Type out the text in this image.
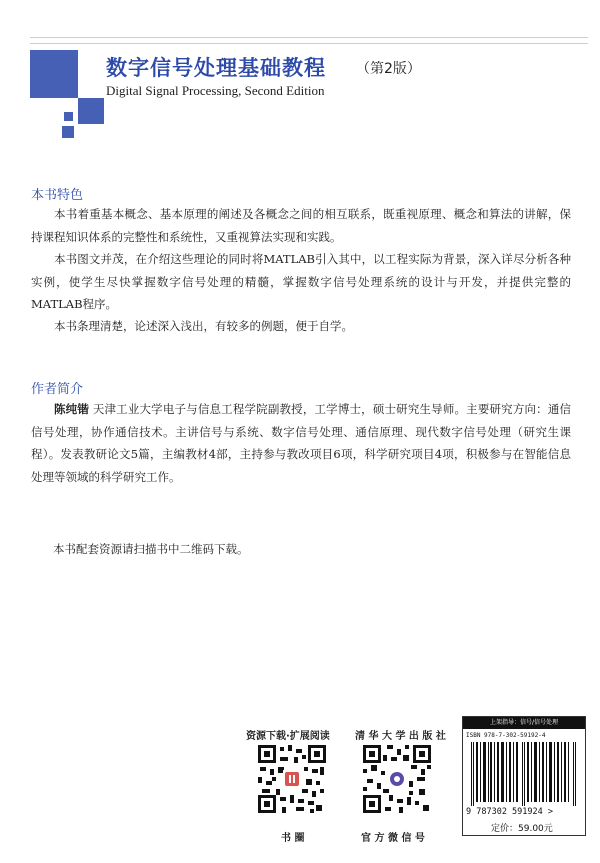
数字信号处理基础教程 （第2版）
Digital Signal Processing, Second Edition
本书特色
本书着重基本概念、基本原理的阐述及各概念之间的相互联系，既重视原理、概念和算法的讲解，保持课程知识体系的完整性和系统性，又重视算法实现和实践。
本书图文并茂，在介绍这些理论的同时将MATLAB引入其中，以工程实际为背景，深入详尽分析各种实例，使学生尽快掌握数字信号处理的精髓，掌握数字信号处理系统的设计与开发，并提供完整的MATLAB程序。
本书条理清楚，论述深入浅出，有较多的例题，便于自学。
作者简介
陈纯锴 天津工业大学电子与信息工程学院副教授，工学博士，硕士研究生导师。主要研究方向：通信信号处理，协作通信技术。主讲信号与系统、数字信号处理、通信原理、现代数字信号处理（研究生课程）。发表教研论文5篇，主编教材4部，主持参与教改项目6项，科学研究项目4项，积极参与在智能信息处理等领域的科学研究工作。
本书配套资源请扫描书中二维码下载。
资源下载·扩展阅读
书 圈
清 华 大 学 出 版 社
官 方 微 信 号
上架指导：信号/信号处理
ISBN 978-7-302-59192-4
9 787302 591924 >
定价：59.00元
